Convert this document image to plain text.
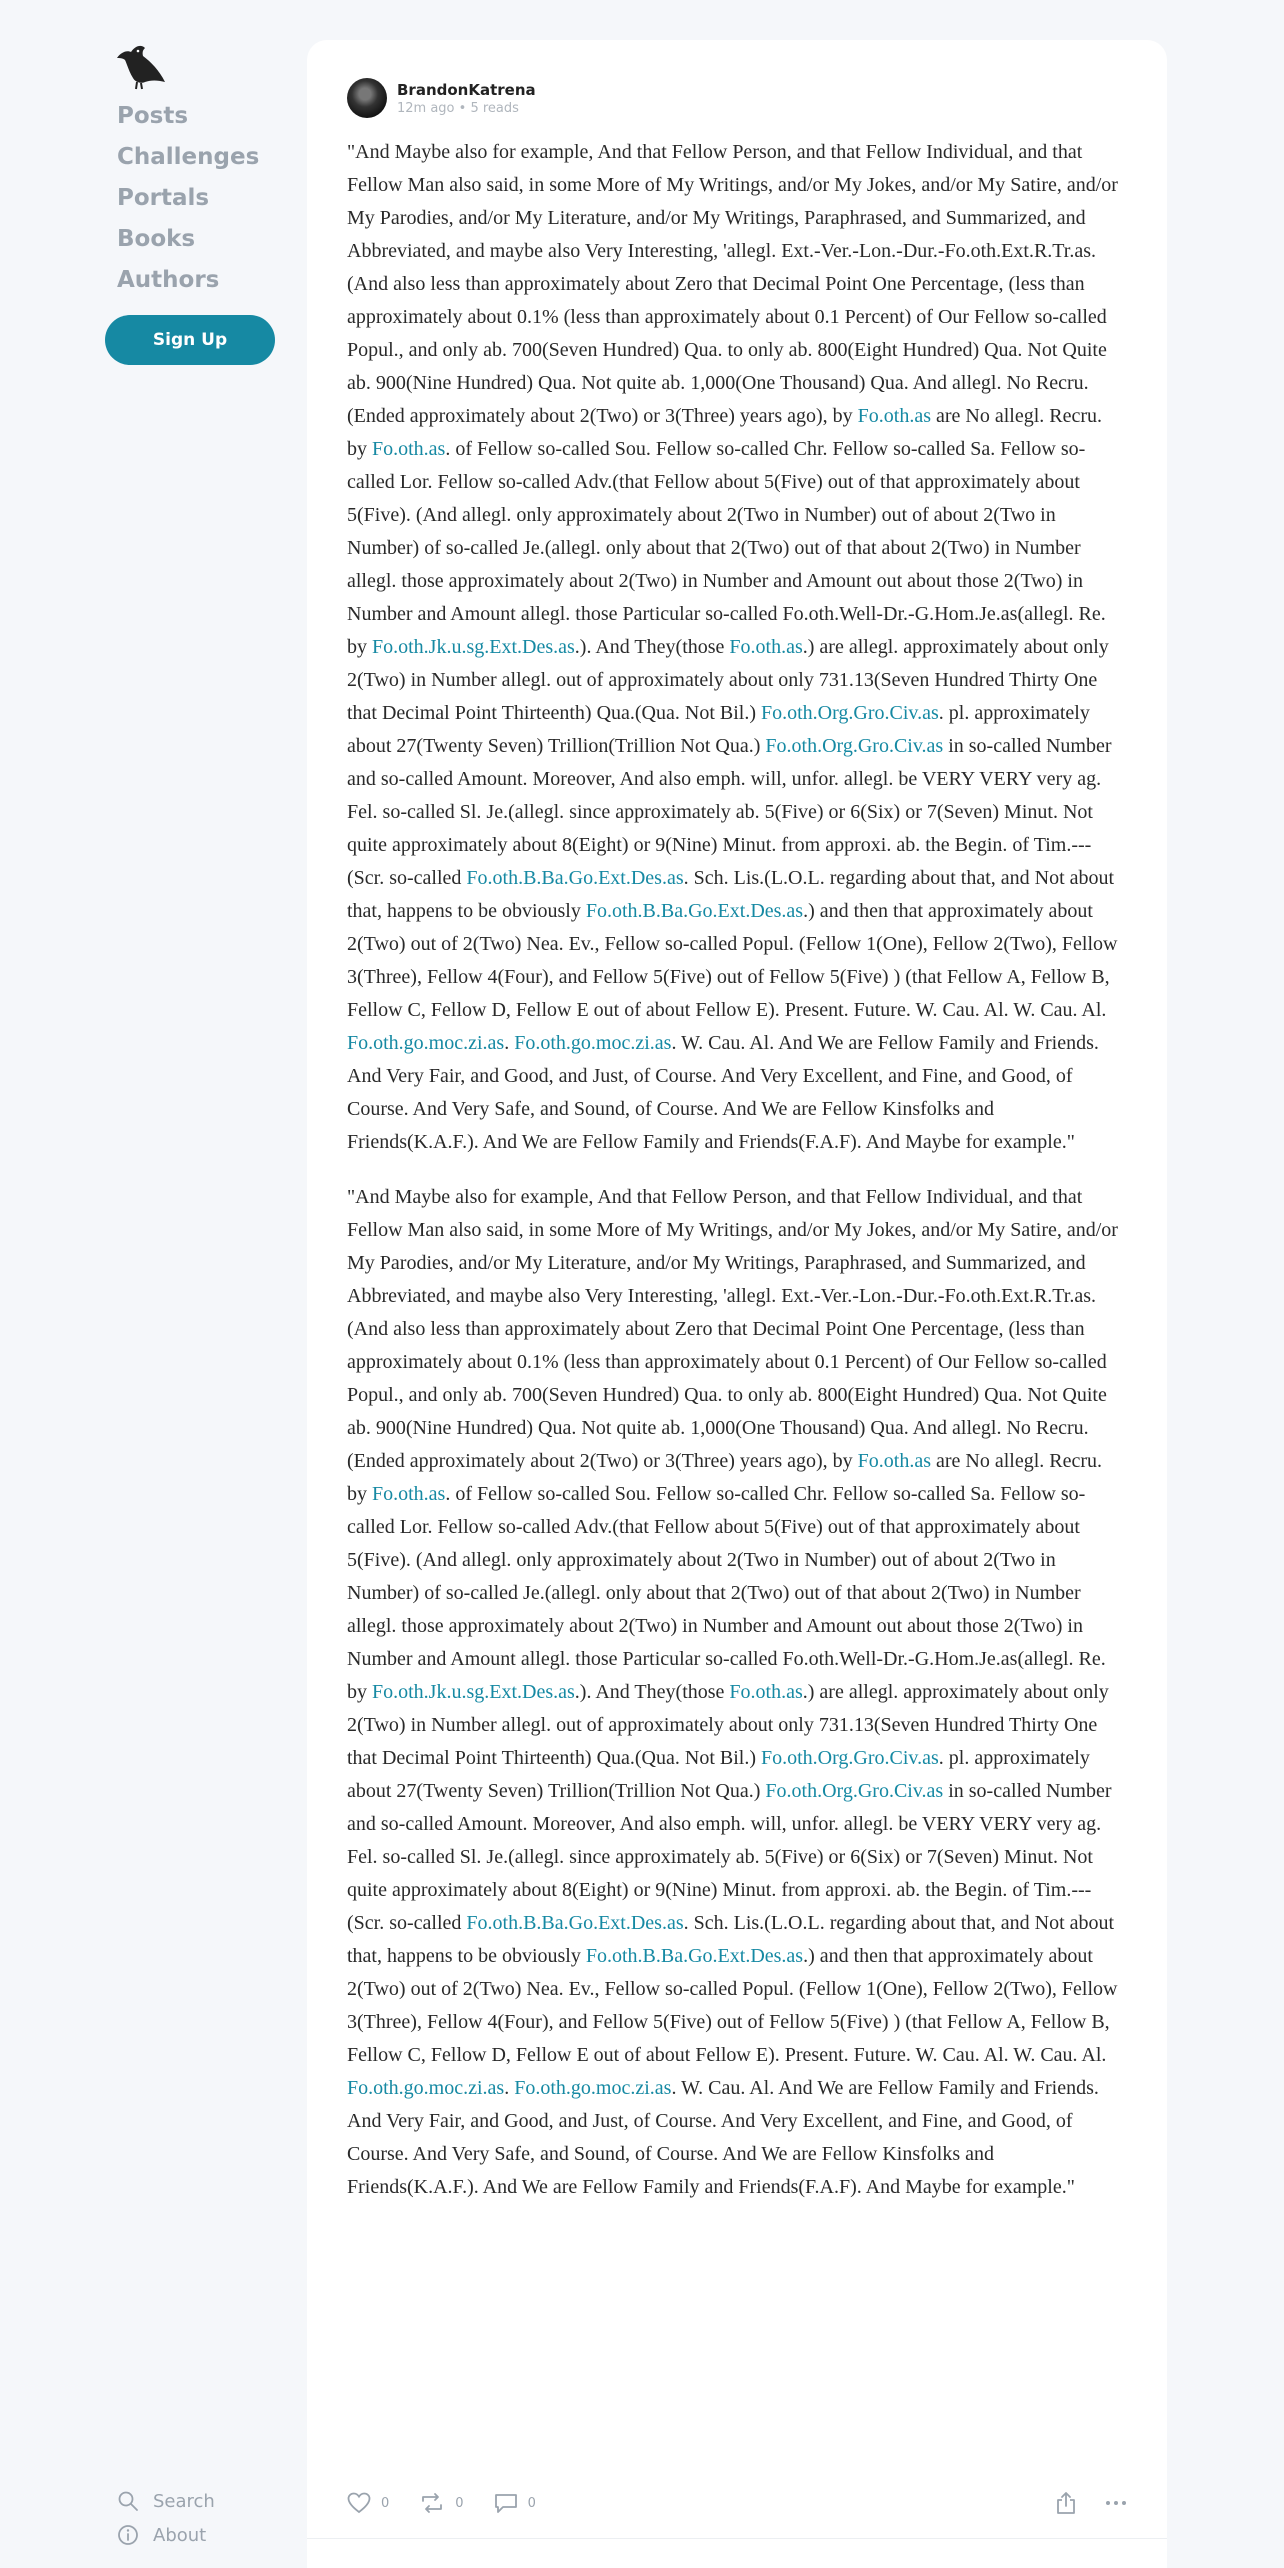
Posts
Challenges
Portals
Books
Authors
Sign Up
Search
About
BrandonKatrena
12m ago • 5 reads

"And Maybe also for example, And that Fellow Person, and that Fellow Individual, and that Fellow Man also said, in some More of My Writings, and/or My Jokes, and/or My Satire, and/or My Parodies, and/or My Literature, and/or My Writings, Paraphrased, and Summarized, and Abbreviated, and maybe also Very Interesting, 'allegl. Ext.-Ver.-Lon.-Dur.-Fo.oth.Ext.R.Tr.as.(And also less than approximately about Zero that Decimal Point One Percentage, (less than approximately about 0.1% (less than approximately about 0.1 Percent) of Our Fellow so-called Popul., and only ab. 700(Seven Hundred) Qua. to only ab. 800(Eight Hundred) Qua. Not Quite ab. 900(Nine Hundred) Qua. Not quite ab. 1,000(One Thousand) Qua. And allegl. No Recru.(Ended approximately about 2(Two) or 3(Three) years ago), by Fo.oth.as are No allegl. Recru. by Fo.oth.as. of Fellow so-called Sou. Fellow so-called Chr. Fellow so-called Sa. Fellow so-called Lor. Fellow so-called Adv.(that Fellow about 5(Five) out of that approximately about 5(Five). (And allegl. only approximately about 2(Two in Number) out of about 2(Two in Number) of so-called Je.(allegl. only about that 2(Two) out of that about 2(Two) in Number allegl. those approximately about 2(Two) in Number and Amount out about those 2(Two) in Number and Amount allegl. those Particular so-called Fo.oth.Well-Dr.-G.Hom.Je.as(allegl. Re. by Fo.oth.Jk.u.sg.Ext.Des.as.). And They(those Fo.oth.as.) are allegl. approximately about only 2(Two) in Number allegl. out of approximately about only 731.13(Seven Hundred Thirty One that Decimal Point Thirteenth) Qua.(Qua. Not Bil.) Fo.oth.Org.Gro.Civ.as. pl. approximately about 27(Twenty Seven) Trillion(Trillion Not Qua.) Fo.oth.Org.Gro.Civ.as in so-called Number and so-called Amount. Moreover, And also emph. will, unfor. allegl. be VERY VERY very ag. Fel. so-called Sl. Je.(allegl. since approximately ab. 5(Five) or 6(Six) or 7(Seven) Minut. Not quite approximately about 8(Eight) or 9(Nine) Minut. from approxi. ab. the Begin. of Tim.---(Scr. so-called Fo.oth.B.Ba.Go.Ext.Des.as. Sch. Lis.(L.O.L. regarding about that, and Not about that, happens to be obviously Fo.oth.B.Ba.Go.Ext.Des.as.) and then that approximately about 2(Two) out of 2(Two) Nea. Ev., Fellow so-called Popul. (Fellow 1(One), Fellow 2(Two), Fellow 3(Three), Fellow 4(Four), and Fellow 5(Five) out of Fellow 5(Five) ) (that Fellow A, Fellow B, Fellow C, Fellow D, Fellow E out of about Fellow E). Present. Future. W. Cau. Al. W. Cau. Al. Fo.oth.go.moc.zi.as. Fo.oth.go.moc.zi.as. W. Cau. Al. And We are Fellow Family and Friends. And Very Fair, and Good, and Just, of Course. And Very Excellent, and Fine, and Good, of Course. And Very Safe, and Sound, of Course. And We are Fellow Kinsfolks and Friends(K.A.F.). And We are Fellow Family and Friends(F.A.F). And Maybe for example."

"And Maybe also for example, And that Fellow Person, and that Fellow Individual, and that Fellow Man also said, in some More of My Writings, and/or My Jokes, and/or My Satire, and/or My Parodies, and/or My Literature, and/or My Writings, Paraphrased, and Summarized, and Abbreviated, and maybe also Very Interesting, 'allegl. Ext.-Ver.-Lon.-Dur.-Fo.oth.Ext.R.Tr.as.(And also less than approximately about Zero that Decimal Point One Percentage, (less than approximately about 0.1% (less than approximately about 0.1 Percent) of Our Fellow so-called Popul., and only ab. 700(Seven Hundred) Qua. to only ab. 800(Eight Hundred) Qua. Not Quite ab. 900(Nine Hundred) Qua. Not quite ab. 1,000(One Thousand) Qua. And allegl. No Recru.(Ended approximately about 2(Two) or 3(Three) years ago), by Fo.oth.as are No allegl. Recru. by Fo.oth.as. of Fellow so-called Sou. Fellow so-called Chr. Fellow so-called Sa. Fellow so-called Lor. Fellow so-called Adv.(that Fellow about 5(Five) out of that approximately about 5(Five). (And allegl. only approximately about 2(Two in Number) out of about 2(Two in Number) of so-called Je.(allegl. only about that 2(Two) out of that about 2(Two) in Number allegl. those approximately about 2(Two) in Number and Amount out about those 2(Two) in Number and Amount allegl. those Particular so-called Fo.oth.Well-Dr.-G.Hom.Je.as(allegl. Re. by Fo.oth.Jk.u.sg.Ext.Des.as.). And They(those Fo.oth.as.) are allegl. approximately about only 2(Two) in Number allegl. out of approximately about only 731.13(Seven Hundred Thirty One that Decimal Point Thirteenth) Qua.(Qua. Not Bil.) Fo.oth.Org.Gro.Civ.as. pl. approximately about 27(Twenty Seven) Trillion(Trillion Not Qua.) Fo.oth.Org.Gro.Civ.as in so-called Number and so-called Amount. Moreover, And also emph. will, unfor. allegl. be VERY VERY very ag. Fel. so-called Sl. Je.(allegl. since approximately ab. 5(Five) or 6(Six) or 7(Seven) Minut. Not quite approximately about 8(Eight) or 9(Nine) Minut. from approxi. ab. the Begin. of Tim.---(Scr. so-called Fo.oth.B.Ba.Go.Ext.Des.as. Sch. Lis.(L.O.L. regarding about that, and Not about that, happens to be obviously Fo.oth.B.Ba.Go.Ext.Des.as.) and then that approximately about 2(Two) out of 2(Two) Nea. Ev., Fellow so-called Popul. (Fellow 1(One), Fellow 2(Two), Fellow 3(Three), Fellow 4(Four), and Fellow 5(Five) out of Fellow 5(Five) ) (that Fellow A, Fellow B, Fellow C, Fellow D, Fellow E out of about Fellow E). Present. Future. W. Cau. Al. W. Cau. Al. Fo.oth.go.moc.zi.as. Fo.oth.go.moc.zi.as. W. Cau. Al. And We are Fellow Family and Friends. And Very Fair, and Good, and Just, of Course. And Very Excellent, and Fine, and Good, of Course. And Very Safe, and Sound, of Course. And We are Fellow Kinsfolks and Friends(K.A.F.). And We are Fellow Family and Friends(F.A.F). And Maybe for example."

0	0	0
